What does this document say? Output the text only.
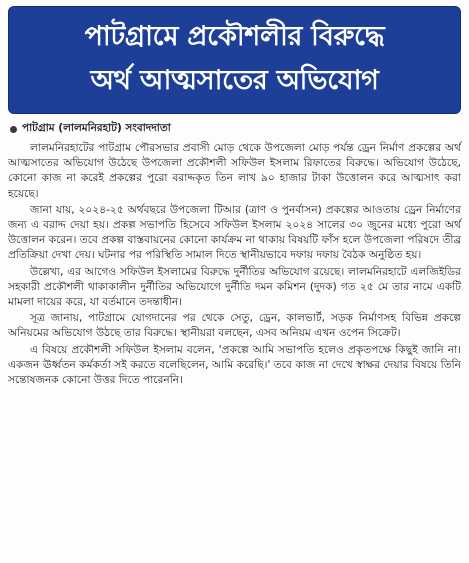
পাটগ্রামে প্রকৌশলীর বিরুদ্ধে
অর্থ আত্মসাতের অভিযোগ
পাটগ্রাম (লালমনিরহাট) সংবাদদাতা

লালমনিরহাটের পাটগ্রাম পৌরসভার প্রবাসী মোড় থেকে উপজেলা মোড় পর্যন্ত ড্রেন নির্মাণ প্রকল্পের অর্থ আত্মসাতের অভিযোগ উঠেছে উপজেলা প্রকৌশলী সফিউল ইসলাম রিফাতের বিরুদ্ধে। অভিযোগ উঠেছে, কোনো কাজ না করেই প্রকল্পের পুরো বরাদ্দকৃত তিন লাখ ৯০ হাজার টাকা উত্তোলন করে আত্মসাৎ করা হয়েছে।

জানা যায়, ২০২৪-২৫ অর্থবছরে উপজেলা টিআর (ত্রাণ ও পুনর্বাসন) প্রকল্পের আওতায় ড্রেন নির্মাণের জন্য এ বরাদ্দ দেয়া হয়। প্রকল্প সভাপতি হিসেবে সফিউল ইসলাম ২০২৪ সালের ৩০ জুনের মধ্যে পুরো অর্থ উত্তোলন করেন। তবে প্রকল্প বাস্তবায়নের কোনো কার্যক্রম না থাকায় বিষয়টি ফাঁস হলে উপজেলা পরিষদে তীব্র প্রতিক্রিয়া দেখা দেয়। ঘটনার পর পরিস্থিতি সামাল দিতে স্থানীয়ভাবে দফায় দফায় বৈঠক অনুষ্ঠিত হয়।

উল্লেখ্য, এর আগেও সফিউল ইসলামের বিরুদ্ধে দুর্নীতির অভিযোগ রয়েছে। লালমনিরহাটে এলজিইডির সহকারী প্রকৌশলী থাকাকালীন দুর্নীতির অভিযোগে দুর্নীতি দমন কমিশন (দুদক) গত ২৫ মে তার নামে একটি মামলা দায়ের করে, যা বর্তমানে তদন্তাধীন।

সূত্র জানায়, পাটগ্রামে যোগদানের পর থেকে সেতু, ড্রেন, কালভার্ট, সড়ক নির্মাণসহ বিভিন্ন প্রকল্পে অনিয়মের অভিযোগ উঠছে তার বিরুদ্ধে। স্থানীয়রা বলছেন, এসব অনিয়ম এখন ওপেন সিক্রেট।

এ বিষয়ে প্রকৌশলী সফিউল ইসলাম বলেন, 'প্রকল্পে আমি সভাপতি হলেও প্রকৃতপক্ষে কিছুই জানি না। একজন ঊর্ধ্বতন কর্মকর্তা সই করতে বলেছিলেন, আমি করেছি।' তবে কাজ না দেখে স্বাক্ষর দেয়ার বিষয়ে তিনি সন্তোষজনক কোনো উত্তর দিতে পারেননি।
